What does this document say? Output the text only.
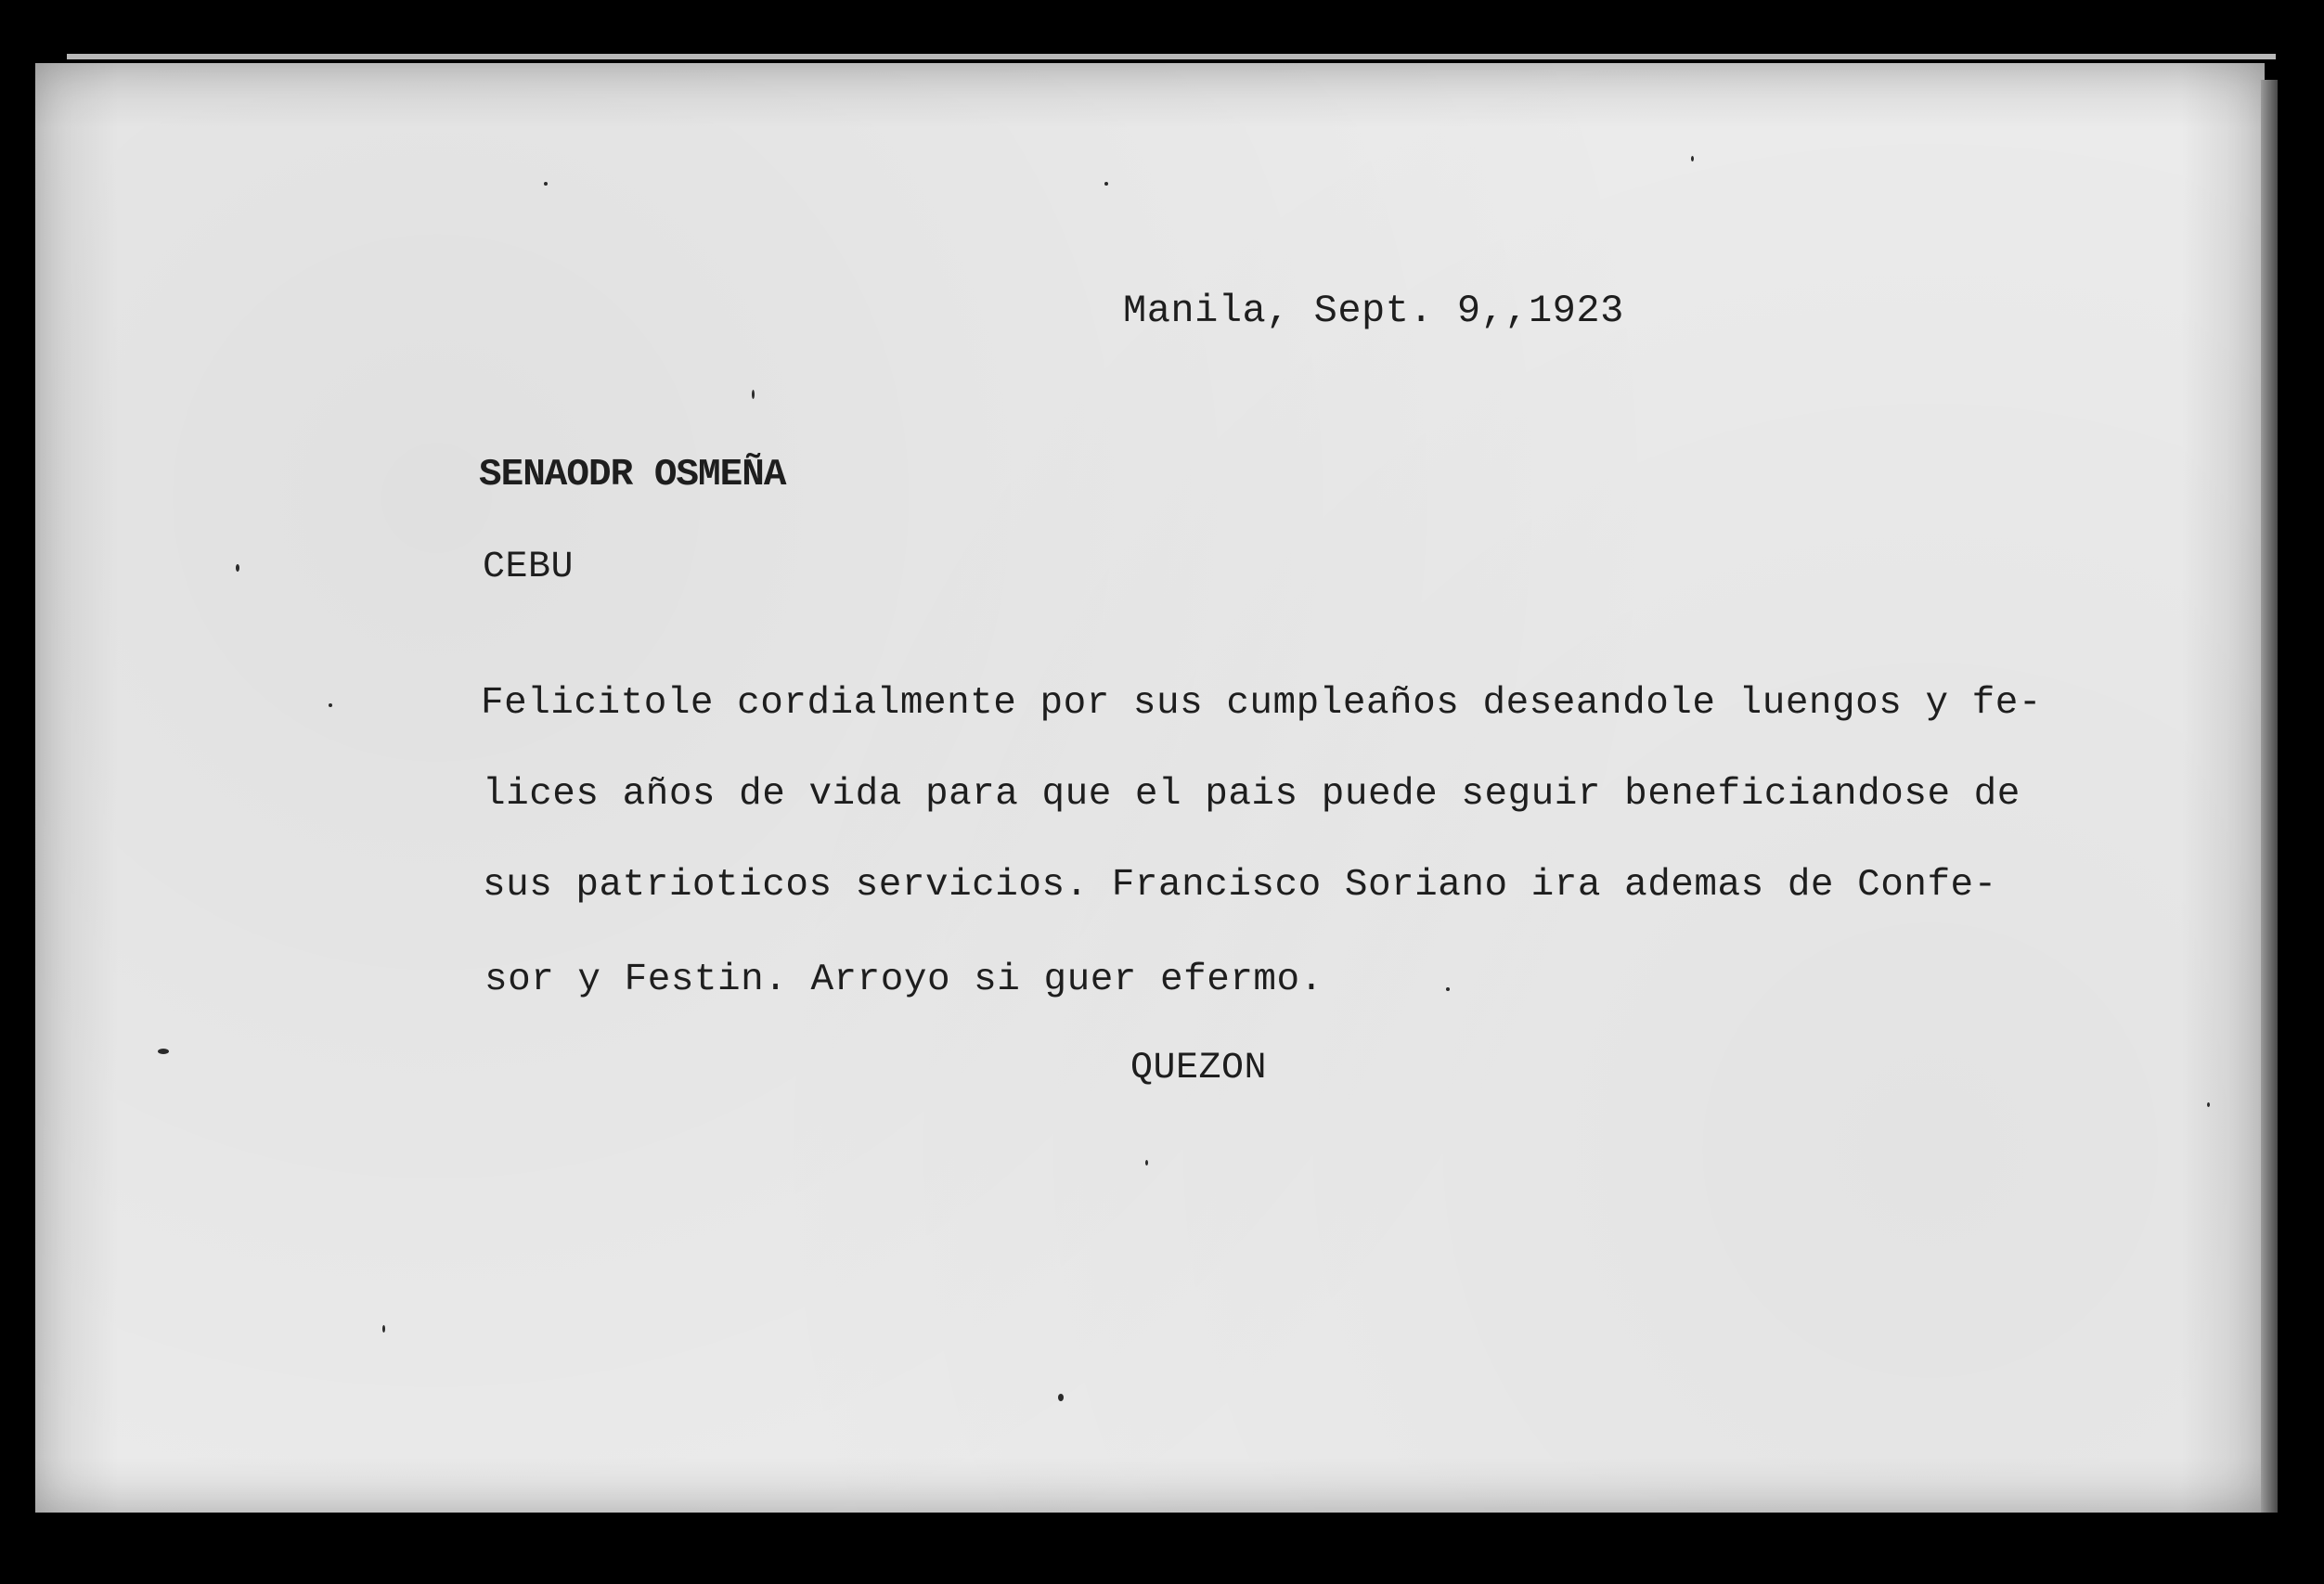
Manila, Sept. 9,,1923
SENAODR OSMEÑA
CEBU
Felicitole cordialmente por sus cumpleaños deseandole luengos y fe-
lices años de vida para que el pais puede seguir beneficiandose de
sus patrioticos servicios. Francisco Soriano ira ademas de Confe-
sor y Festin. Arroyo si guer efermo.
QUEZON
